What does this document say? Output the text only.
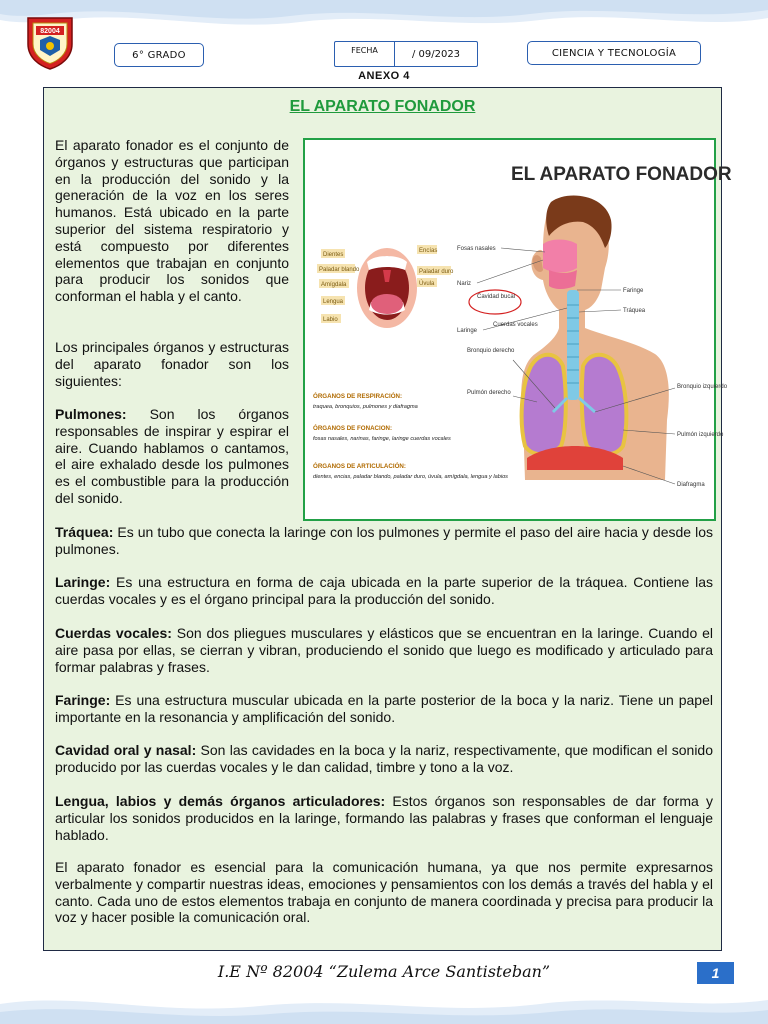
82004
6° GRADO	FECHA	/ 09/2023	CIENCIA Y TECNOLOGÍA
ANEXO 4
EL APARATO FONADOR
EL APARATO FONADOR
Dientes
Encías
Paladar blando	Paladar duro
Amígdala	Úvula
Lengua
Labio
Fosas nasales
Nariz
Cavidad bucal
Laringe
Cuerdas vocales
Bronquio derecho
Pulmón derecho
Faringe
Tráquea
Bronquio izquierdo
Pulmón izquierdo
Diafragma
ÓRGANOS DE RESPIRACIÓN:
traquea, bronquios, pulmones y diafragma
ÓRGANOS DE FONACION:
fosas nasales, narinas, faringe, laringe cuerdas vocales
ÓRGANOS DE ARTICULACIÓN:
dientes, encias, paladar blando, paladar duro, úvula, amígdala, lengua y labios

El aparato fonador es el conjunto de órganos y estructuras que participan en la producción del sonido y la generación de la voz en los seres humanos. Está ubicado en la parte superior del sistema respiratorio y está compuesto por diferentes elementos que trabajan en conjunto para producir los sonidos que conforman el habla y el canto.

Los principales órganos y estructuras del aparato fonador son los siguientes:

Pulmones: Son los órganos responsables de inspirar y espirar el aire. Cuando hablamos o cantamos, el aire exhalado desde los pulmones es el combustible para la producción del sonido.

Tráquea: Es un tubo que conecta la laringe con los pulmones y permite el paso del aire hacia y desde los pulmones.

Laringe: Es una estructura en forma de caja ubicada en la parte superior de la tráquea. Contiene las cuerdas vocales y es el órgano principal para la producción del sonido.

Cuerdas vocales: Son dos pliegues musculares y elásticos que se encuentran en la laringe. Cuando el aire pasa por ellas, se cierran y vibran, produciendo el sonido que luego es modificado y articulado para formar palabras y frases.

Faringe: Es una estructura muscular ubicada en la parte posterior de la boca y la nariz. Tiene un papel importante en la resonancia y amplificación del sonido.

Cavidad oral y nasal: Son las cavidades en la boca y la nariz, respectivamente, que modifican el sonido producido por las cuerdas vocales y le dan calidad, timbre y tono a la voz.

Lengua, labios y demás órganos articuladores: Estos órganos son responsables de dar forma y articular los sonidos producidos en la laringe, formando las palabras y frases que conforman el lenguaje hablado.

El aparato fonador es esencial para la comunicación humana, ya que nos permite expresarnos verbalmente y compartir nuestras ideas, emociones y pensamientos con los demás a través del habla y el canto. Cada uno de estos elementos trabaja en conjunto de manera coordinada y precisa para producir la voz y hacer posible la comunicación oral.

I.E Nº 82004 “Zulema Arce Santisteban”	1
